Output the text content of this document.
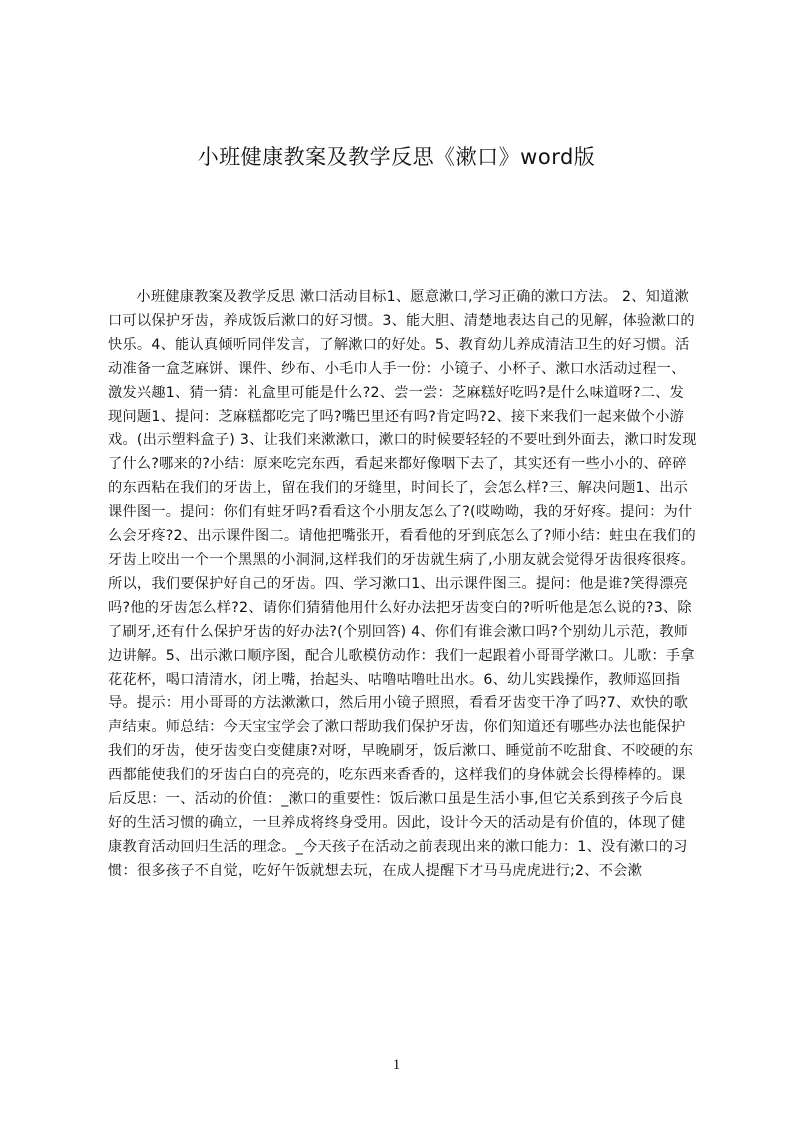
小班健康教案及教学反思《漱口》word版

小班健康教案及教学反思 漱口活动目标1、愿意漱口,学习正确的漱口方法。 2、知道漱口可以保护牙齿，养成饭后漱口的好习惯。3、能大胆、清楚地表达自己的见解，体验漱口的快乐。4、能认真倾听同伴发言，了解漱口的好处。5、教育幼儿养成清洁卫生的好习惯。活动准备一盒芝麻饼、课件、纱布、小毛巾人手一份：小镜子、小杯子、漱口水活动过程一、激发兴趣1、猜一猜：礼盒里可能是什么?2、尝一尝：芝麻糕好吃吗?是什么味道呀?二、发现问题1、提问：芝麻糕都吃完了吗?嘴巴里还有吗?肯定吗?2、接下来我们一起来做个小游戏。(出示塑料盒子) 3、让我们来漱漱口，漱口的时候要轻轻的不要吐到外面去，漱口时发现了什么?哪来的?小结：原来吃完东西，看起来都好像咽下去了，其实还有一些小小的、碎碎的东西粘在我们的牙齿上，留在我们的牙缝里，时间长了，会怎么样?三、解决问题1、出示课件图一。提问：你们有蛀牙吗?看看这个小朋友怎么了?(哎呦呦，我的牙好疼。提问：为什么会牙疼?2、出示课件图二。请他把嘴张开，看看他的牙到底怎么了?师小结：蛀虫在我们的牙齿上咬出一个一个黑黑的小洞洞,这样我们的牙齿就生病了,小朋友就会觉得牙齿很疼很疼。所以，我们要保护好自己的牙齿。四、学习漱口1、出示课件图三。提问：他是谁?笑得漂亮吗?他的牙齿怎么样?2、请你们猜猜他用什么好办法把牙齿变白的?听听他是怎么说的?3、除了刷牙,还有什么保护牙齿的好办法?(个别回答) 4、你们有谁会漱口吗?个别幼儿示范，教师边讲解。5、出示漱口顺序图，配合儿歌模仿动作：我们一起跟着小哥哥学漱口。儿歌：手拿花花杯，喝口清清水，闭上嘴，抬起头、咕噜咕噜吐出水。6、幼儿实践操作，教师巡回指导。提示：用小哥哥的方法漱漱口，然后用小镜子照照，看看牙齿变干净了吗?7、欢快的歌声结束。师总结：今天宝宝学会了漱口帮助我们保护牙齿，你们知道还有哪些办法也能保护我们的牙齿，使牙齿变白变健康?对呀，早晚刷牙，饭后漱口、睡觉前不吃甜食、不咬硬的东西都能使我们的牙齿白白的亮亮的，吃东西来香香的，这样我们的身体就会长得棒棒的。课后反思：一、活动的价值：_漱口的重要性：饭后漱口虽是生活小事,但它关系到孩子今后良好的生活习惯的确立，一旦养成将终身受用。因此，设计今天的活动是有价值的，体现了健康教育活动回归生活的理念。_今天孩子在活动之前表现出来的漱口能力：1、没有漱口的习惯：很多孩子不自觉，吃好午饭就想去玩，在成人提醒下才马马虎虎进行;2、不会漱

1
